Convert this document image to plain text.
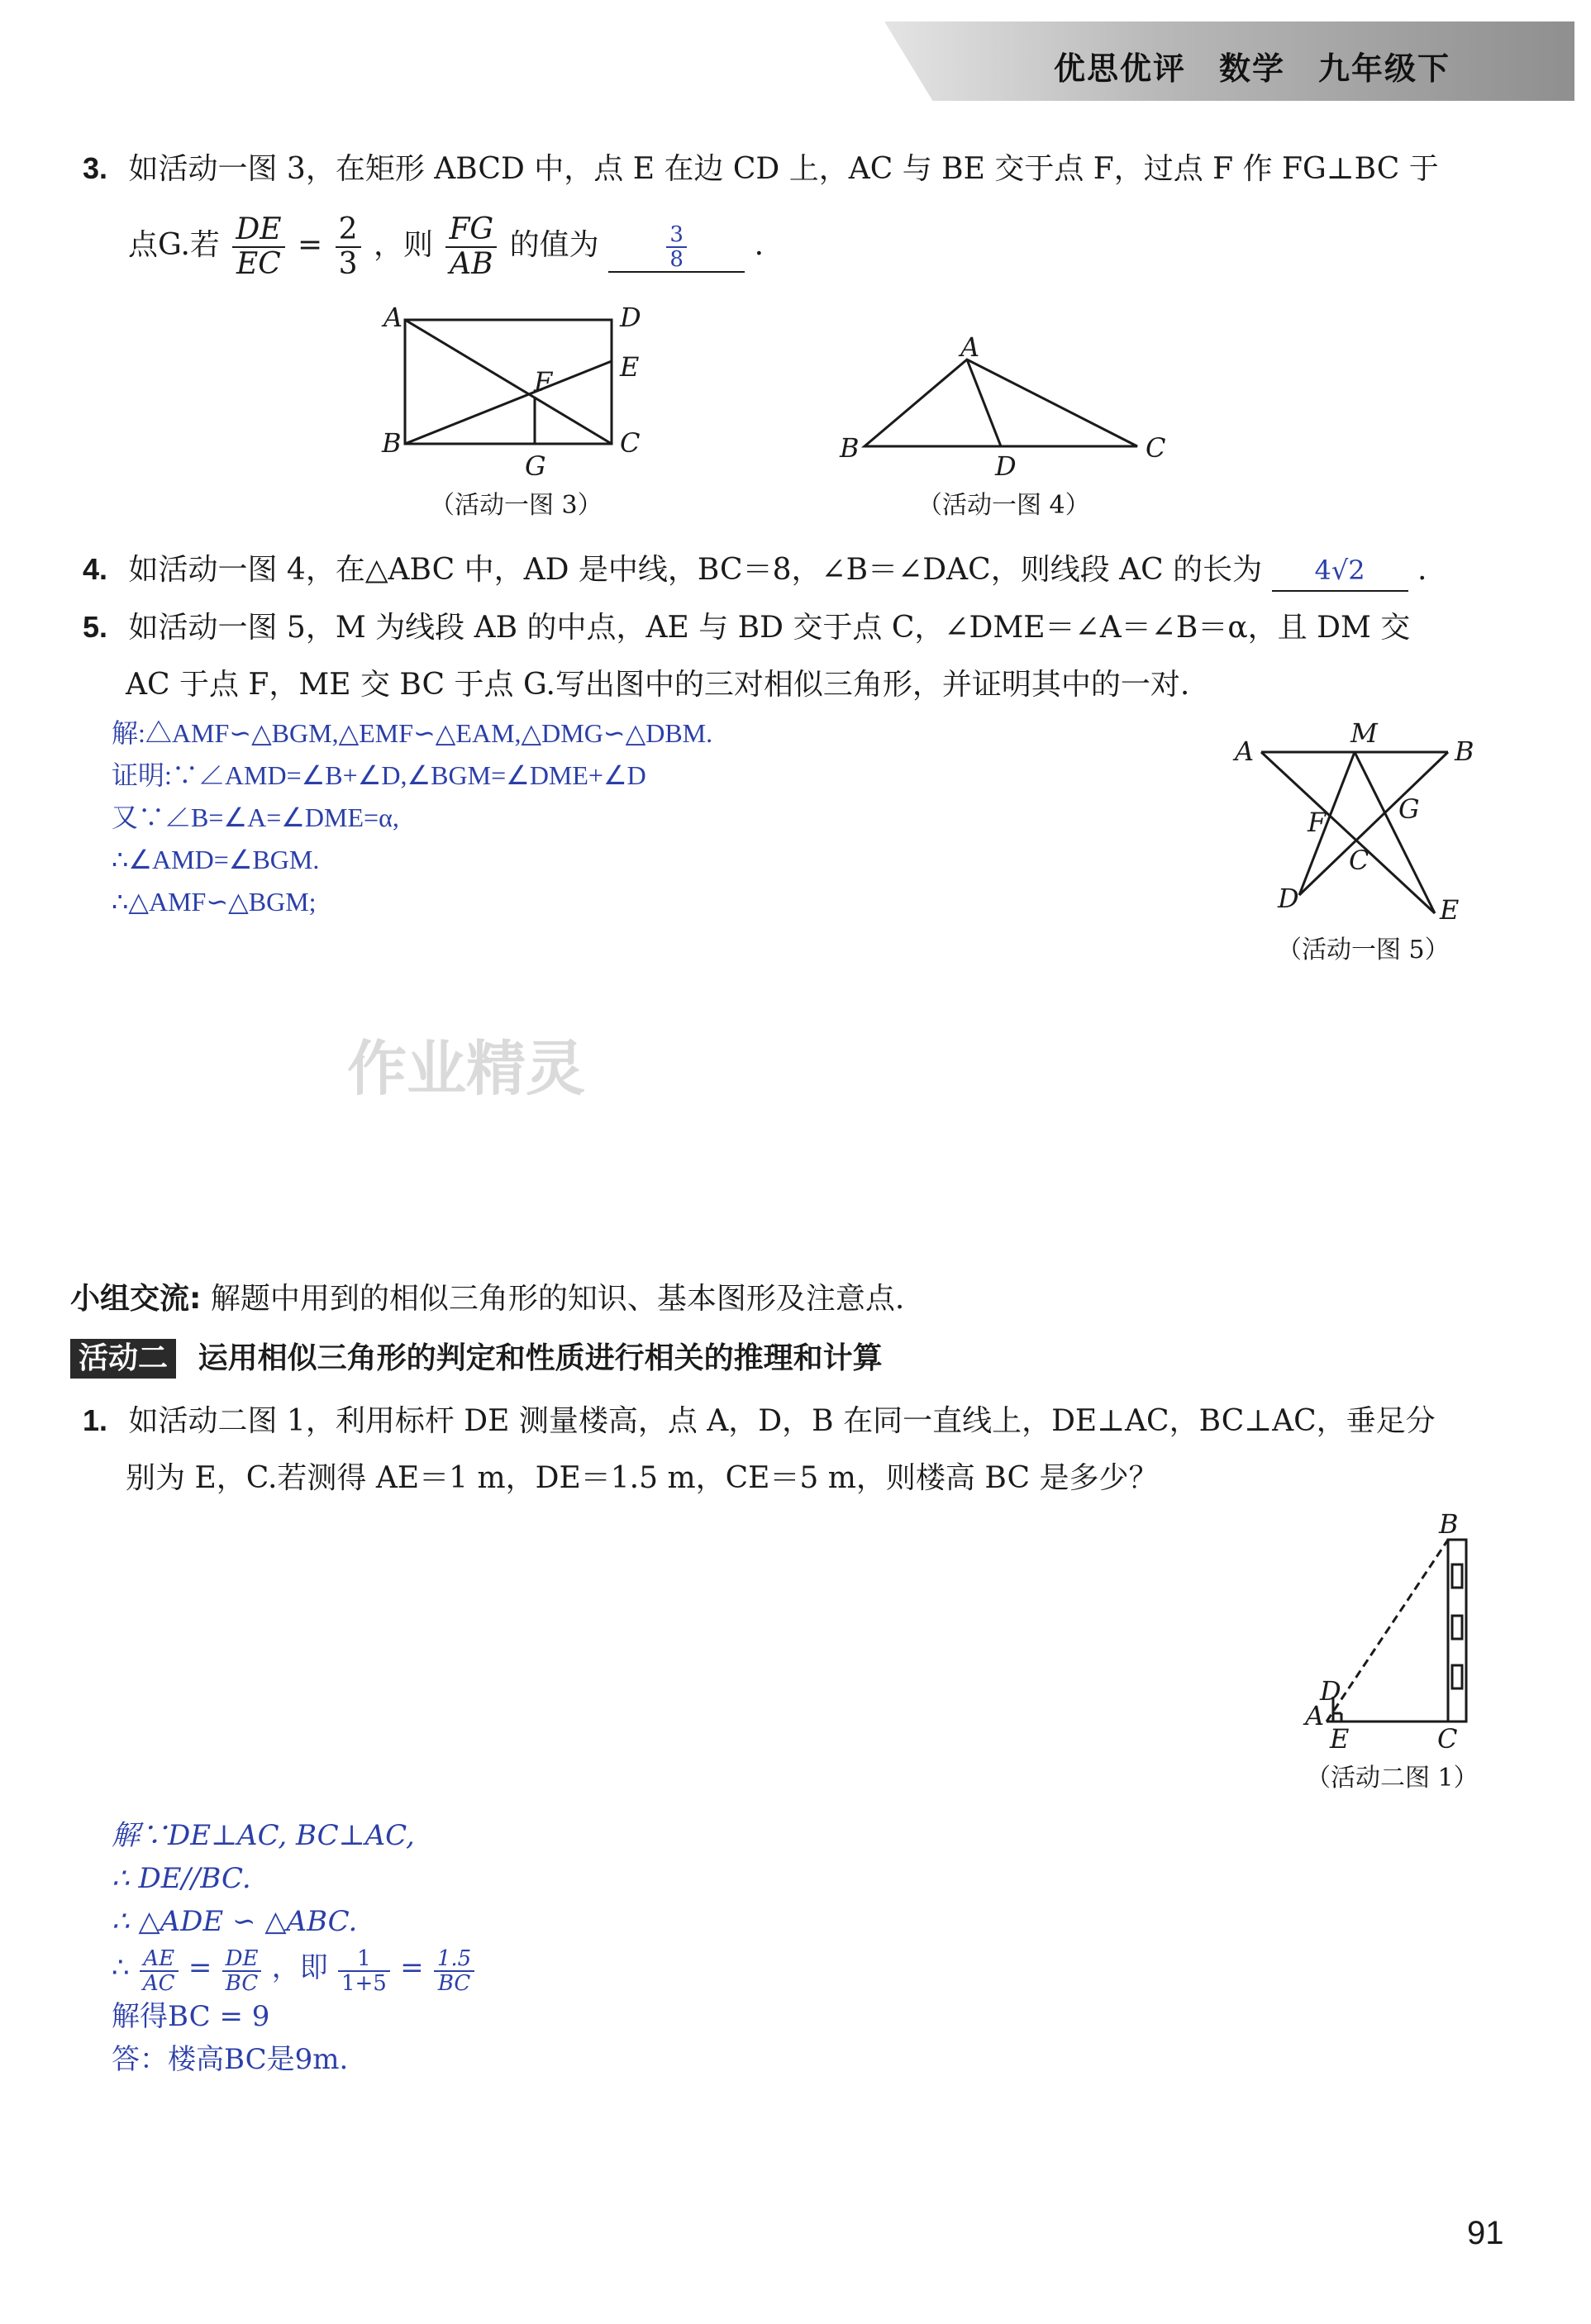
优思优评　数学　九年级下
3. 如活动一图 3，在矩形 ABCD 中，点 E 在边 CD 上，AC 与 BE 交于点 F，过点 F 作 FG⊥BC 于
点G.若 $\frac{DE}{EC} = \frac{2}{3}$ ，则 $\frac{FG}{AB}$ 的值为	$\frac{3}{8}$ .
A	D
E
F
B	C
G
（活动一图 3）
A
B	C
D
（活动一图 4）
4. 如活动一图 4，在△ABC 中，AD 是中线，BC＝8，∠B＝∠DAC，则线段 AC 的长为 4√2 .
5. 如活动一图 5，M 为线段 AB 的中点，AE 与 BD 交于点 C，∠DME＝∠A＝∠B＝α，且 DM 交
AC 于点 F，ME 交 BC 于点 G.写出图中的三对相似三角形，并证明其中的一对.
解:△AMF∽△BGM,△EMF∽△EAM,△DMG∽△DBM.
证明:∵∠AMD=∠B+∠D,∠BGM=∠DME+∠D
又∵∠B=∠A=∠DME=α,
∴∠AMD=∠BGM.
∴△AMF∽△BGM;
A
M
B
F	G
C
D	E
（活动一图 5）
作业精灵
小组交流: 解题中用到的相似三角形的知识、基本图形及注意点.
活动二 运用相似三角形的判定和性质进行相关的推理和计算
1. 如活动二图 1，利用标杆 DE 测量楼高，点 A，D，B 在同一直线上，DE⊥AC，BC⊥AC，垂足分
别为 E，C.若测得 AE＝1 m，DE＝1.5 m，CE＝5 m，则楼高 BC 是多少？
B
D
A
E	C
（活动二图 1）
解∵DE⊥AC, BC⊥AC,
∴ DE//BC.
∴ △ADE ∽ △ABC.
∴ $\frac{AE}{AC} = \frac{DE}{BC}$ ，即 $\frac{1}{1+5} = \frac{1.5}{BC}$
解得BC = 9
答：楼高BC是9m.
91
